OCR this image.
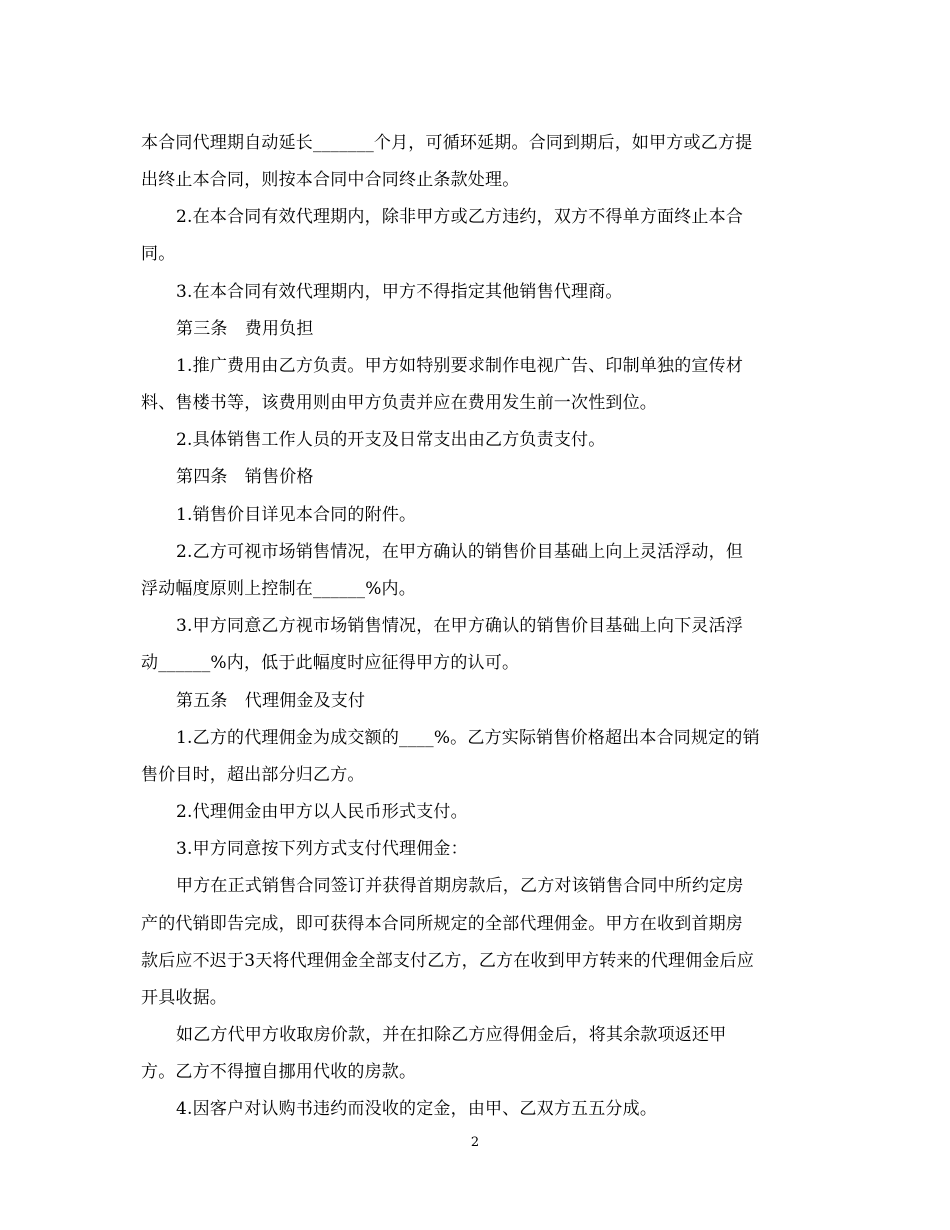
本合同代理期自动延长_______个月，可循环延期。合同到期后，如甲方或乙方提
出终止本合同，则按本合同中合同终止条款处理。
2.在本合同有效代理期内，除非甲方或乙方违约，双方不得单方面终止本合
同。
3.在本合同有效代理期内，甲方不得指定其他销售代理商。
第三条　费用负担
1.推广费用由乙方负责。甲方如特别要求制作电视广告、印制单独的宣传材
料、售楼书等，该费用则由甲方负责并应在费用发生前一次性到位。
2.具体销售工作人员的开支及日常支出由乙方负责支付。
第四条　销售价格
1.销售价目详见本合同的附件。
2.乙方可视市场销售情况，在甲方确认的销售价目基础上向上灵活浮动，但
浮动幅度原则上控制在______%内。
3.甲方同意乙方视市场销售情况，在甲方确认的销售价目基础上向下灵活浮
动______%内，低于此幅度时应征得甲方的认可。
第五条　代理佣金及支付
1.乙方的代理佣金为成交额的____%。乙方实际销售价格超出本合同规定的销
售价目时，超出部分归乙方。
2.代理佣金由甲方以人民币形式支付。
3.甲方同意按下列方式支付代理佣金：
甲方在正式销售合同签订并获得首期房款后，乙方对该销售合同中所约定房
产的代销即告完成，即可获得本合同所规定的全部代理佣金。甲方在收到首期房
款后应不迟于3天将代理佣金全部支付乙方，乙方在收到甲方转来的代理佣金后应
开具收据。
如乙方代甲方收取房价款，并在扣除乙方应得佣金后，将其余款项返还甲
方。乙方不得擅自挪用代收的房款。
4.因客户对认购书违约而没收的定金，由甲、乙双方五五分成。
2
